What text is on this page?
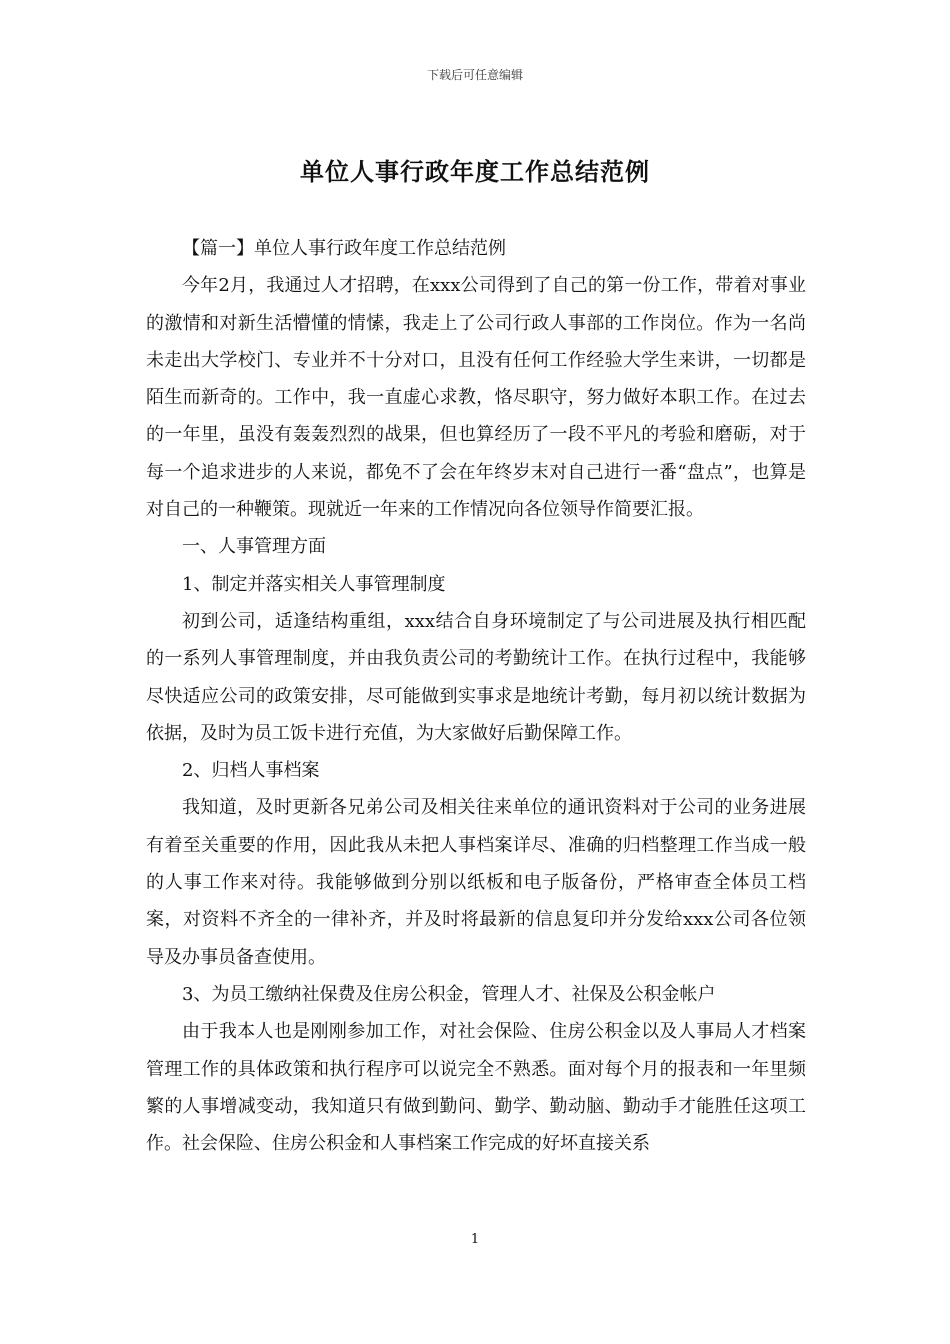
下载后可任意编辑
单位人事行政年度工作总结范例

【篇一】单位人事行政年度工作总结范例

今年2月，我通过人才招聘，在xxx公司得到了自己的第一份工作，带着对事业的激情和对新生活懵懂的情愫，我走上了公司行政人事部的工作岗位。作为一名尚未走出大学校门、专业并不十分对口，且没有任何工作经验大学生来讲，一切都是陌生而新奇的。工作中，我一直虚心求教，恪尽职守，努力做好本职工作。在过去的一年里，虽没有轰轰烈烈的战果，但也算经历了一段不平凡的考验和磨砺，对于每一个追求进步的人来说，都免不了会在年终岁末对自己进行一番“盘点”，也算是对自己的一种鞭策。现就近一年来的工作情况向各位领导作简要汇报。

一、人事管理方面

1、制定并落实相关人事管理制度

初到公司，适逢结构重组，xxx结合自身环境制定了与公司进展及执行相匹配的一系列人事管理制度，并由我负责公司的考勤统计工作。在执行过程中，我能够尽快适应公司的政策安排，尽可能做到实事求是地统计考勤，每月初以统计数据为依据，及时为员工饭卡进行充值，为大家做好后勤保障工作。

2、归档人事档案

我知道，及时更新各兄弟公司及相关往来单位的通讯资料对于公司的业务进展有着至关重要的作用，因此我从未把人事档案详尽、准确的归档整理工作当成一般的人事工作来对待。我能够做到分别以纸板和电子版备份，严格审查全体员工档案，对资料不齐全的一律补齐，并及时将最新的信息复印并分发给xxx公司各位领导及办事员备查使用。

3、为员工缴纳社保费及住房公积金，管理人才、社保及公积金帐户

由于我本人也是刚刚参加工作，对社会保险、住房公积金以及人事局人才档案管理工作的具体政策和执行程序可以说完全不熟悉。面对每个月的报表和一年里频繁的人事增减变动，我知道只有做到勤问、勤学、勤动脑、勤动手才能胜任这项工作。社会保险、住房公积金和人事档案工作完成的好坏直接关系

1
